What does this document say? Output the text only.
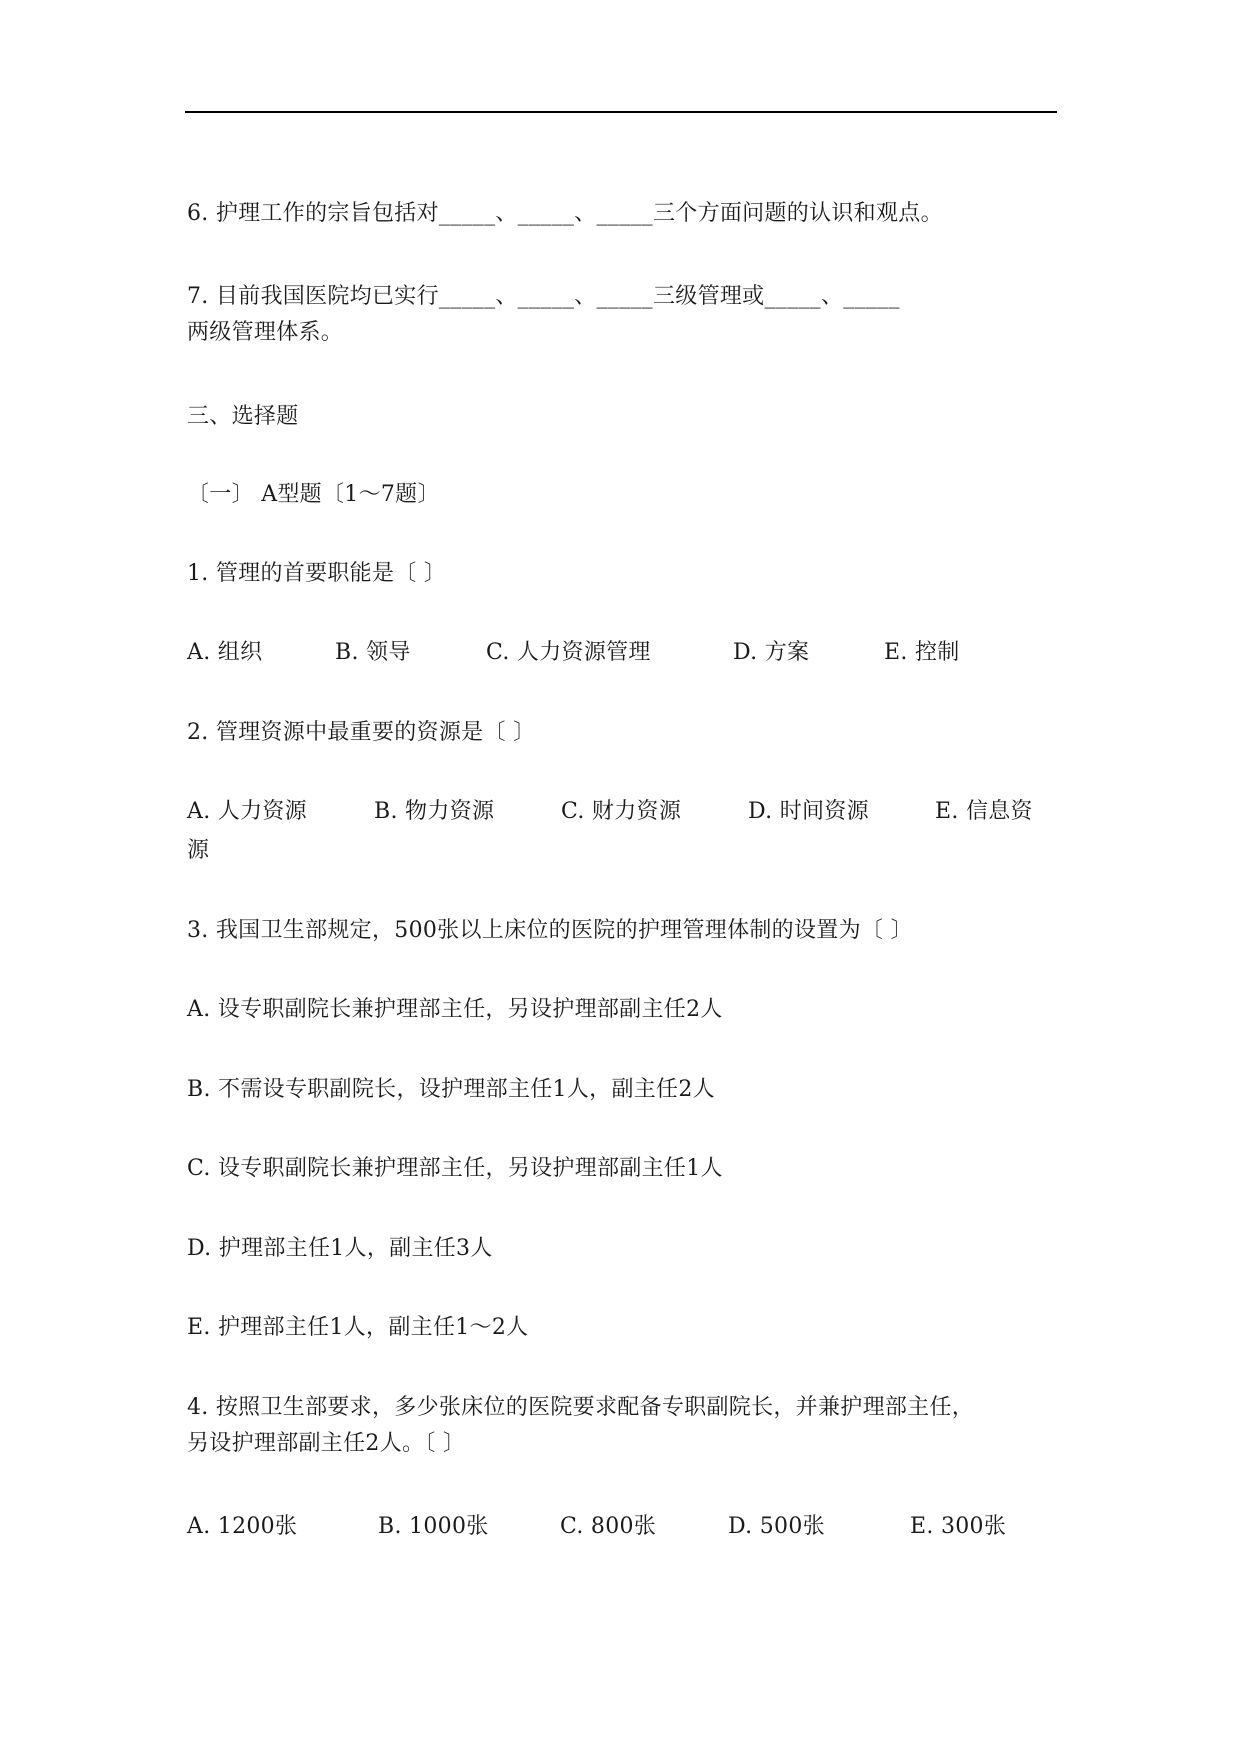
6. 护理工作的宗旨包括对_____、_____、_____三个方面问题的认识和观点。
7. 目前我国医院均已实行_____、_____、_____三级管理或_____、_____
两级管理体系。
三、选择题
〔一〕 A型题〔1～7题〕
1. 管理的首要职能是〔 〕
A. 组织	B. 领导	C. 人力资源管理	D. 方案	E. 控制
2. 管理资源中最重要的资源是〔 〕
A. 人力资源	B. 物力资源	C. 财力资源	D. 时间资源	E. 信息资
源
3. 我国卫生部规定，500张以上床位的医院的护理管理体制的设置为〔 〕
A. 设专职副院长兼护理部主任，另设护理部副主任2人
B. 不需设专职副院长，设护理部主任1人，副主任2人
C. 设专职副院长兼护理部主任，另设护理部副主任1人
D. 护理部主任1人，副主任3人
E. 护理部主任1人，副主任1～2人
4. 按照卫生部要求，多少张床位的医院要求配备专职副院长，并兼护理部主任，
另设护理部副主任2人。〔 〕
A. 1200张	B. 1000张	C. 800张	D. 500张	E. 300张
